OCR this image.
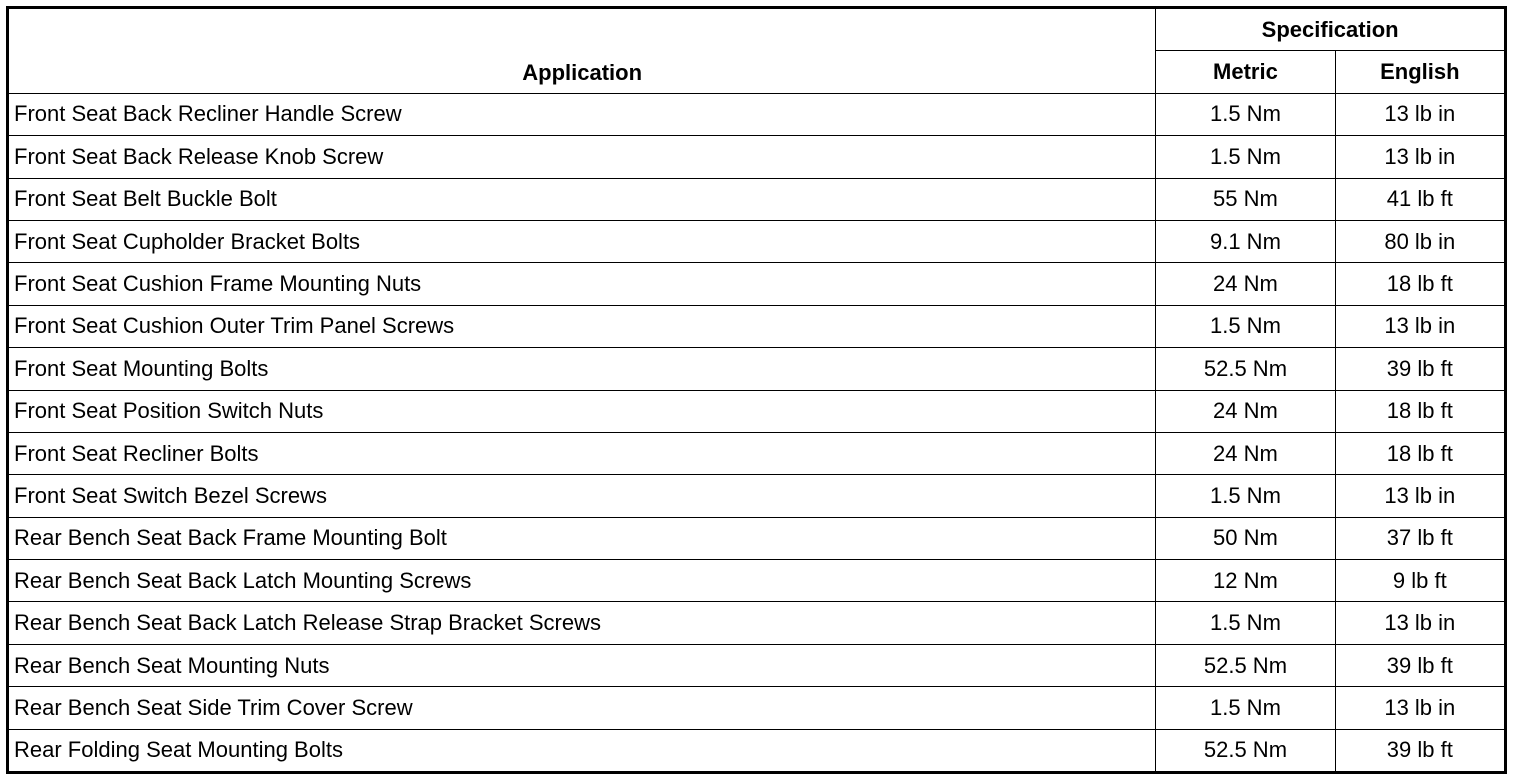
Application	Specification	
	Metric	English
Front Seat Back Recliner Handle Screw	1.5 Nm	13 lb in
Front Seat Back Release Knob Screw	1.5 Nm	13 lb in
Front Seat Belt Buckle Bolt	55 Nm	41 lb ft
Front Seat Cupholder Bracket Bolts	9.1 Nm	80 lb in
Front Seat Cushion Frame Mounting Nuts	24 Nm	18 lb ft
Front Seat Cushion Outer Trim Panel Screws	1.5 Nm	13 lb in
Front Seat Mounting Bolts	52.5 Nm	39 lb ft
Front Seat Position Switch Nuts	24 Nm	18 lb ft
Front Seat Recliner Bolts	24 Nm	18 lb ft
Front Seat Switch Bezel Screws	1.5 Nm	13 lb in
Rear Bench Seat Back Frame Mounting Bolt	50 Nm	37 lb ft
Rear Bench Seat Back Latch Mounting Screws	12 Nm	9 lb ft
Rear Bench Seat Back Latch Release Strap Bracket Screws	1.5 Nm	13 lb in
Rear Bench Seat Mounting Nuts	52.5 Nm	39 lb ft
Rear Bench Seat Side Trim Cover Screw	1.5 Nm	13 lb in
Rear Folding Seat Mounting Bolts	52.5 Nm	39 lb ft
